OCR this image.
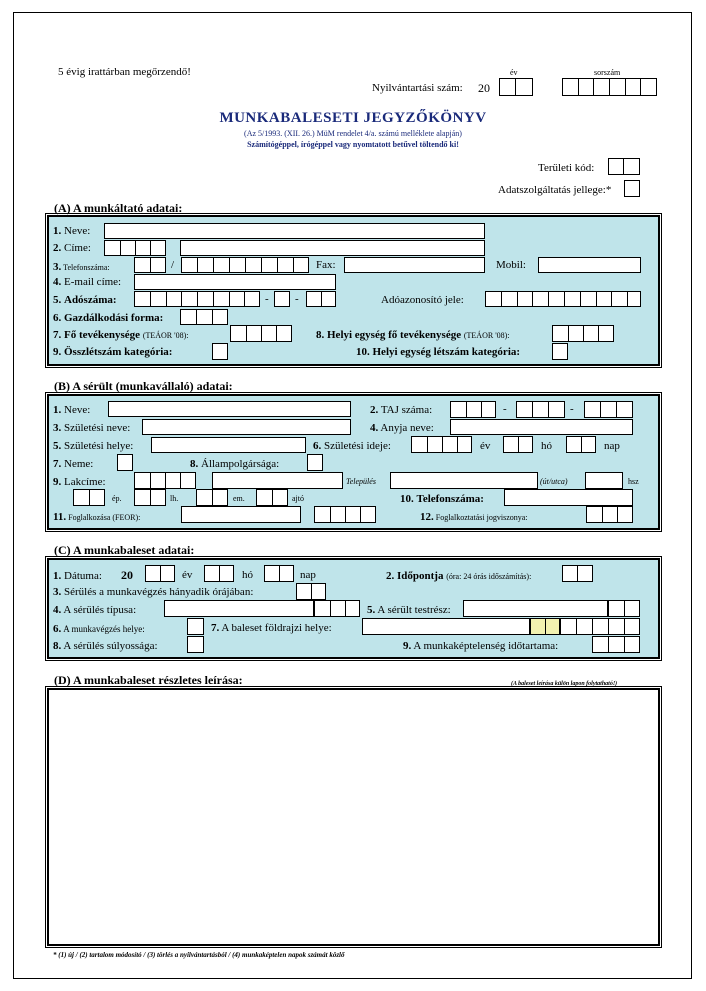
5 évig irattárban megőrzendő!
Nyilvántartási szám: 20
év	sorszám
MUNKABALESETI JEGYZŐKÖNYV
(Az 5/1993. (XII. 26.) MüM rendelet 4/a. számú melléklete alapján)
Számítógéppel, írógéppel vagy nyomtatott betűvel töltendő ki!
Területi kód:
Adatszolgáltatás jellege:*
(A) A munkáltató adatai:
1. Neve:
2. Címe:
3. Telefonszáma:	/	Fax:	Mobil:
4. E-mail címe:
5. Adószáma:	- -	Adóazonosító jele:
6. Gazdálkodási forma:
7. Fő tevékenysége (TEÁOR '08):	8. Helyi egység fő tevékenysége (TEÁOR '08):
9. Összlétszám kategória:	10. Helyi egység létszám kategória:
(B) A sérült (munkavállaló) adatai:
1. Neve:	2. TAJ száma:	-	-
3. Születési neve:	4. Anyja neve:
5. Születési helye:	6. Születési ideje:	év	hó	nap
7. Neme:	8. Állampolgársága:
9. Lakcíme:	Település	(út/utca)	hsz
ép.	lh.	em.	ajtó	10. Telefonszáma:
11. Foglalkozása (FEOR):	12. Foglalkoztatási jogviszonya:
(C) A munkabaleset adatai:
1. Dátuma: 20	év	hó	nap	2. Időpontja (óra: 24 órás időszámítás):
3. Sérülés a munkavégzés hányadik órájában:
4. A sérülés típusa:	5. A sérült testrész:
6. A munkavégzés helye:	7. A baleset földrajzi helye:
8. A sérülés súlyossága:	9. A munkaképtelenség időtartama:
(D) A munkabaleset részletes leírása:	(A baleset leírása külön lapon folytatható!)
* (1) új / (2) tartalom módosító / (3) törlés a nyilvántartásból / (4) munkaképtelen napok számát közlő
